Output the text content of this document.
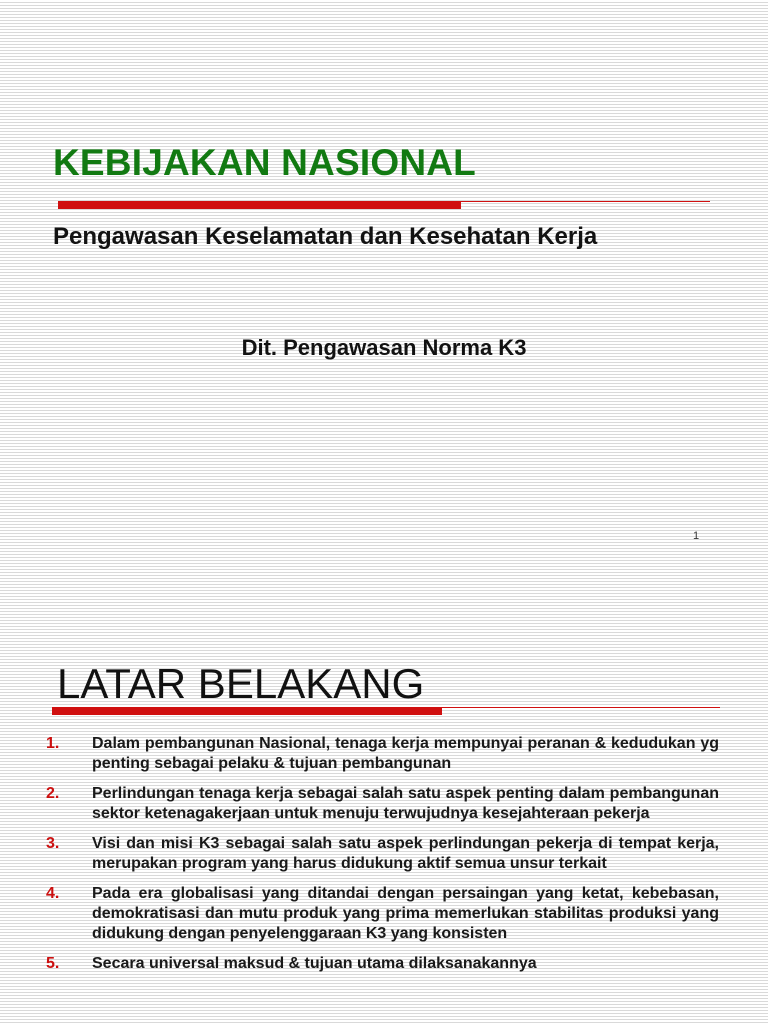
KEBIJAKAN NASIONAL
Pengawasan Keselamatan dan Kesehatan Kerja
Dit. Pengawasan Norma K3
1
LATAR BELAKANG
1. Dalam pembangunan Nasional, tenaga kerja mempunyai peranan & kedudukan yg penting sebagai pelaku & tujuan pembangunan
2. Perlindungan tenaga kerja sebagai salah satu aspek penting dalam pembangunan sektor ketenagakerjaan untuk menuju terwujudnya kesejahteraan pekerja
3. Visi dan misi K3 sebagai salah satu aspek perlindungan pekerja di tempat kerja, merupakan program yang harus didukung aktif semua unsur terkait
4. Pada era globalisasi yang ditandai dengan persaingan yang ketat, kebebasan, demokratisasi dan mutu produk yang prima memerlukan stabilitas produksi yang didukung dengan penyelenggaraan K3 yang konsisten
5. Secara universal maksud & tujuan utama dilaksanakannya
